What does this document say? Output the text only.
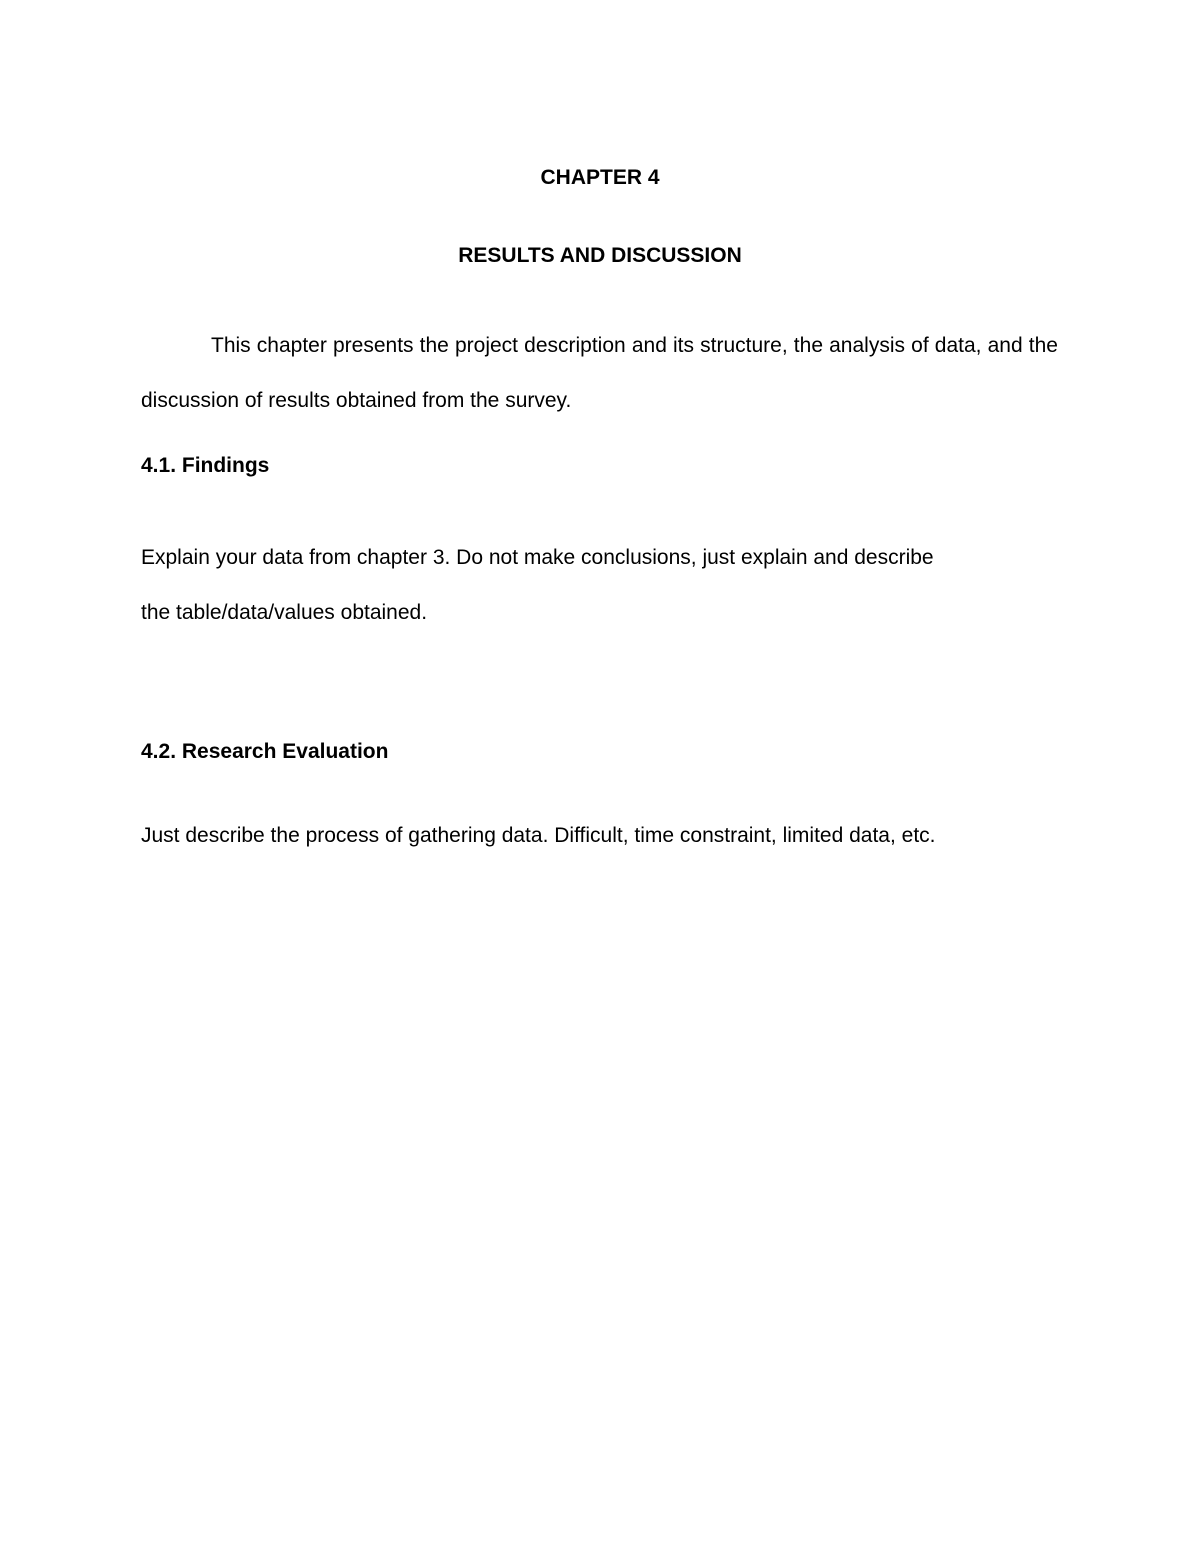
CHAPTER 4
RESULTS AND DISCUSSION

This chapter presents the project description and its structure, the analysis of data, and the discussion of results obtained from the survey.

4.1. Findings
Explain your data from chapter 3. Do not make conclusions, just explain and describe
the table/data/values obtained.
4.2. Research Evaluation
Just describe the process of gathering data. Difficult, time constraint, limited data, etc.
